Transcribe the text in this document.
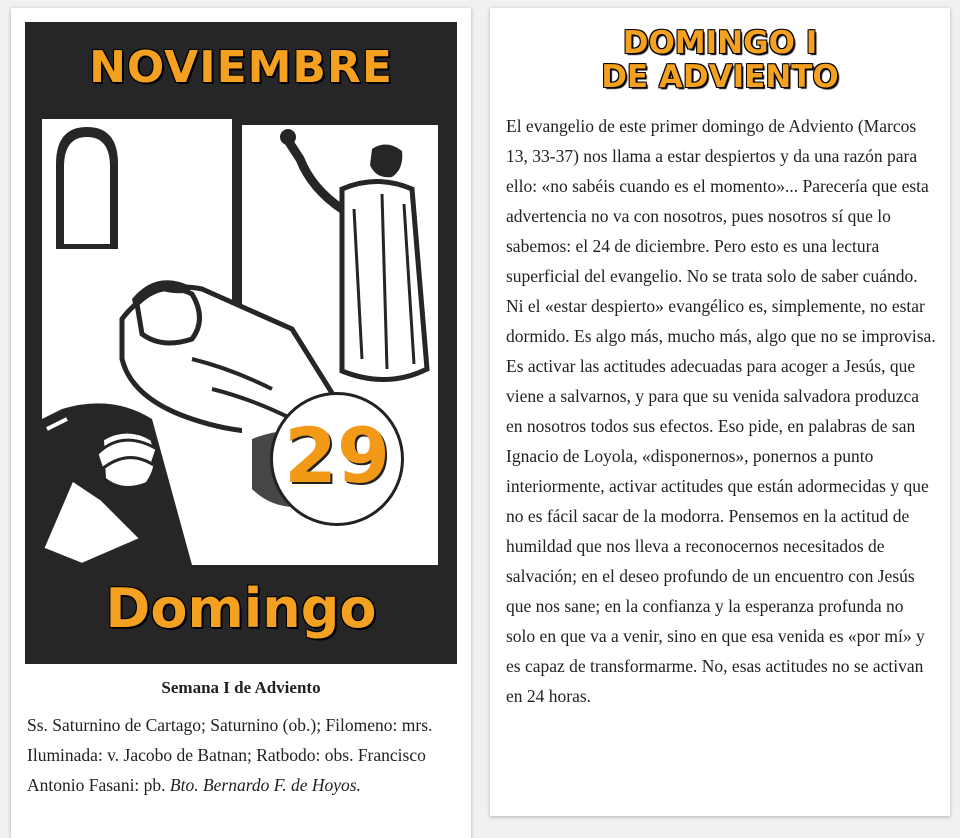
NOVIEMBRE
29
Domingo
Semana I de Adviento
Ss. Saturnino de Cartago; Saturnino (ob.); Filomeno: mrs. Iluminada: v. Jacobo de Batnan; Ratbodo: obs. Francisco Antonio Fasani: pb. Bto. Bernardo F. de Hoyos.
DOMINGO I
DE ADVIENTO
El evangelio de este primer domingo de Adviento (Marcos 13, 33-37) nos llama a estar despiertos y da una razón para ello: «no sabéis cuando es el momento»... Parecería que esta advertencia no va con nosotros, pues nosotros sí que lo sabemos: el 24 de diciembre. Pero esto es una lectura superficial del evangelio. No se trata solo de saber cuándo. Ni el «estar despierto» evangélico es, simplemente, no estar dormido. Es algo más, mucho más, algo que no se improvisa. Es activar las actitudes adecuadas para acoger a Jesús, que viene a salvarnos, y para que su venida salvadora produzca en nosotros todos sus efectos. Eso pide, en palabras de san Ignacio de Loyola, «disponernos», ponernos a punto interiormente, activar actitudes que están adormecidas y que no es fácil sacar de la modorra. Pensemos en la actitud de humildad que nos lleva a reconocernos necesitados de salvación; en el deseo profundo de un encuentro con Jesús que nos sane; en la confianza y la esperanza profunda no solo en que va a venir, sino en que esa venida es «por mí» y es capaz de transformarme. No, esas actitudes no se activan en 24 horas.
